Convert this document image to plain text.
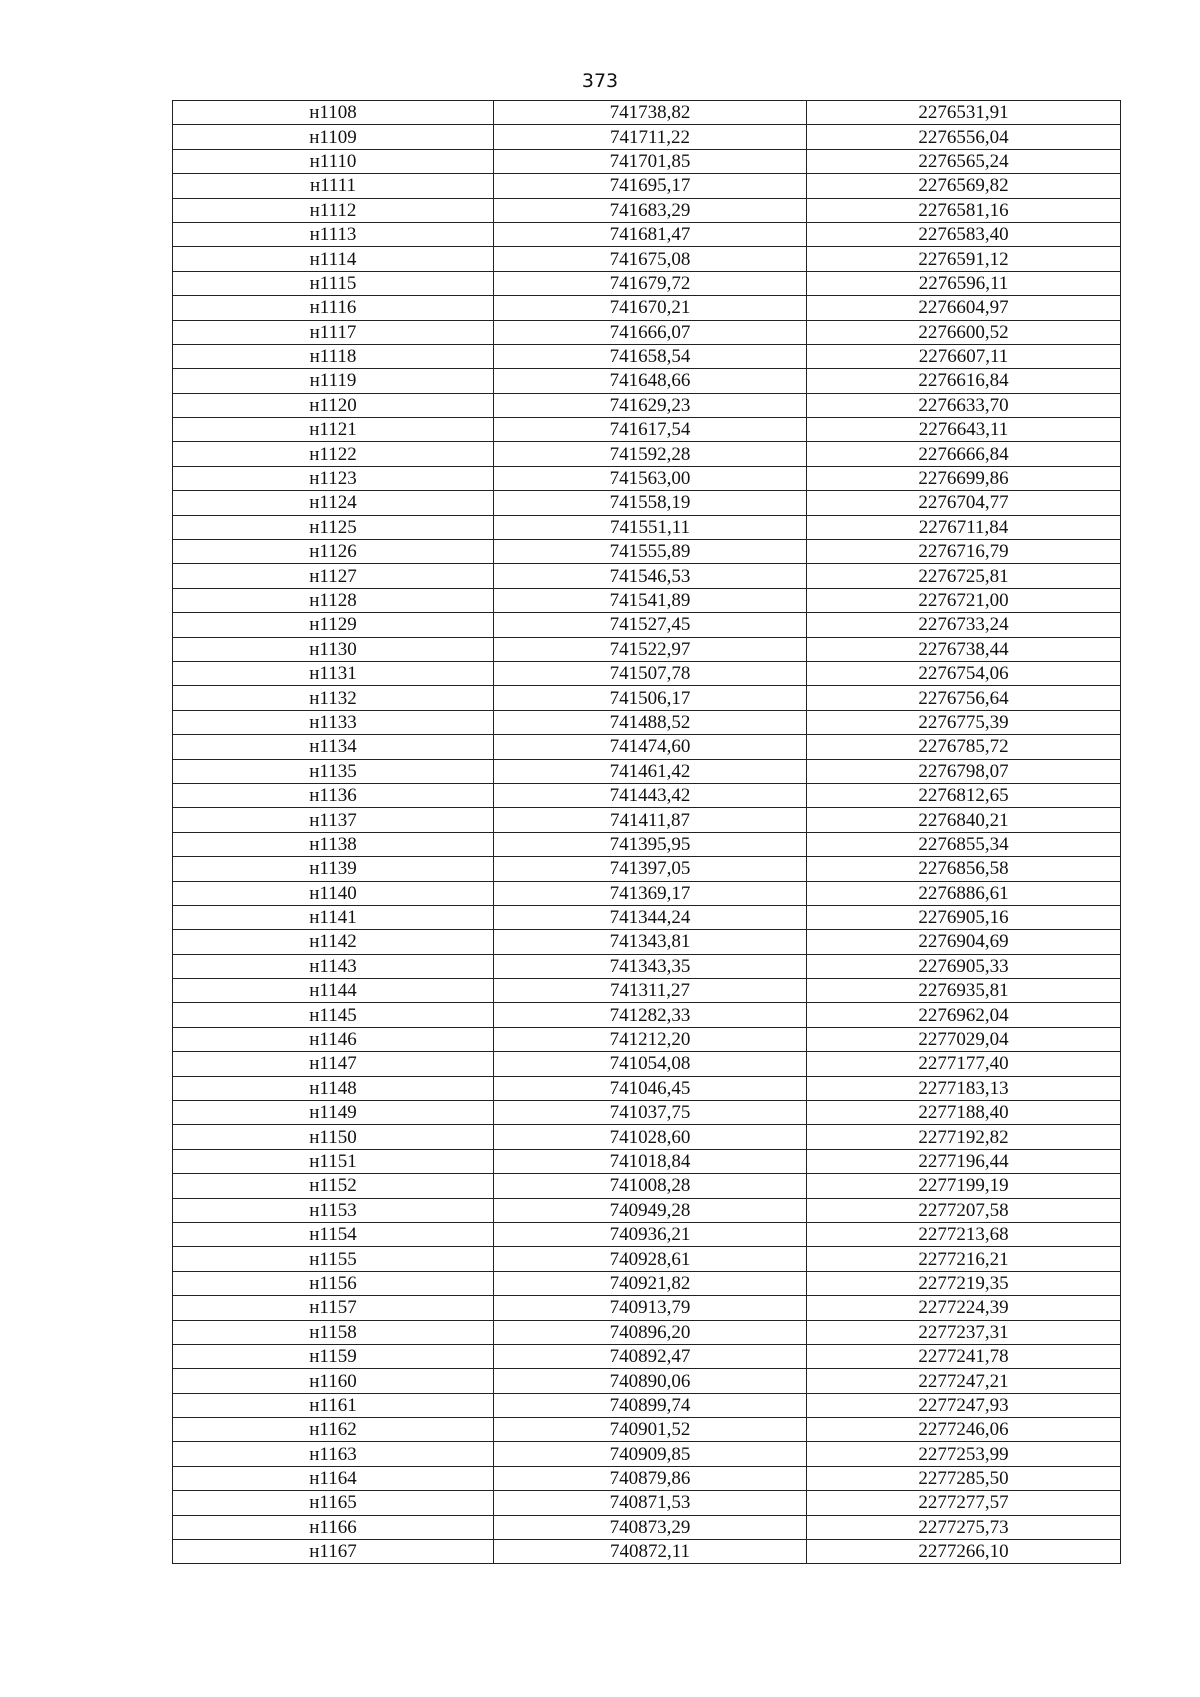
373
н1108	741738,82	2276531,91
н1109	741711,22	2276556,04
н1110	741701,85	2276565,24
н1111	741695,17	2276569,82
н1112	741683,29	2276581,16
н1113	741681,47	2276583,40
н1114	741675,08	2276591,12
н1115	741679,72	2276596,11
н1116	741670,21	2276604,97
н1117	741666,07	2276600,52
н1118	741658,54	2276607,11
н1119	741648,66	2276616,84
н1120	741629,23	2276633,70
н1121	741617,54	2276643,11
н1122	741592,28	2276666,84
н1123	741563,00	2276699,86
н1124	741558,19	2276704,77
н1125	741551,11	2276711,84
н1126	741555,89	2276716,79
н1127	741546,53	2276725,81
н1128	741541,89	2276721,00
н1129	741527,45	2276733,24
н1130	741522,97	2276738,44
н1131	741507,78	2276754,06
н1132	741506,17	2276756,64
н1133	741488,52	2276775,39
н1134	741474,60	2276785,72
н1135	741461,42	2276798,07
н1136	741443,42	2276812,65
н1137	741411,87	2276840,21
н1138	741395,95	2276855,34
н1139	741397,05	2276856,58
н1140	741369,17	2276886,61
н1141	741344,24	2276905,16
н1142	741343,81	2276904,69
н1143	741343,35	2276905,33
н1144	741311,27	2276935,81
н1145	741282,33	2276962,04
н1146	741212,20	2277029,04
н1147	741054,08	2277177,40
н1148	741046,45	2277183,13
н1149	741037,75	2277188,40
н1150	741028,60	2277192,82
н1151	741018,84	2277196,44
н1152	741008,28	2277199,19
н1153	740949,28	2277207,58
н1154	740936,21	2277213,68
н1155	740928,61	2277216,21
н1156	740921,82	2277219,35
н1157	740913,79	2277224,39
н1158	740896,20	2277237,31
н1159	740892,47	2277241,78
н1160	740890,06	2277247,21
н1161	740899,74	2277247,93
н1162	740901,52	2277246,06
н1163	740909,85	2277253,99
н1164	740879,86	2277285,50
н1165	740871,53	2277277,57
н1166	740873,29	2277275,73
н1167	740872,11	2277266,10
